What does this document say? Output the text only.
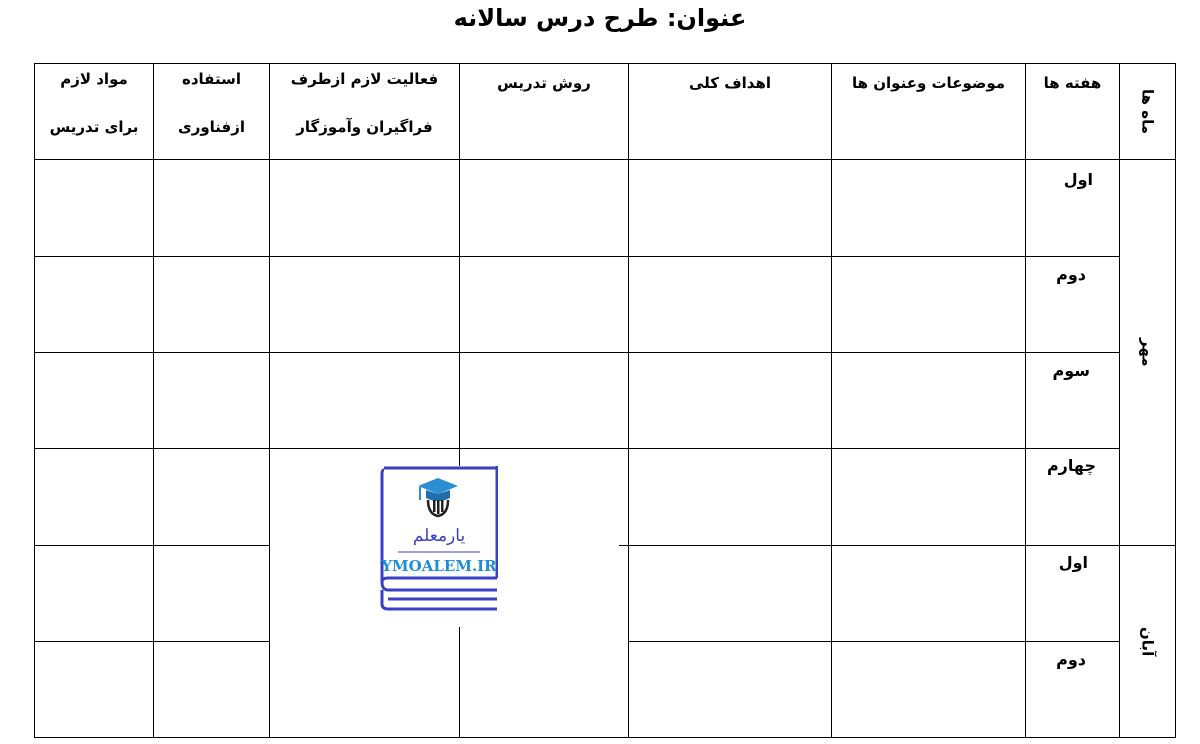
عنوان: طرح درس سالانه
ماه ها
هفته ها
موضوعات وعنوان ها
اهداف کلی
روش تدریس
فعالیت لازم ازطرف
فراگیران وآموزگار
استفاده
ازفناوری
مواد لازم
برای تدریس
مهر
آبان
اول
دوم
سوم
چهارم
اول
دوم
یارمعلم
YMOALEM.IR
